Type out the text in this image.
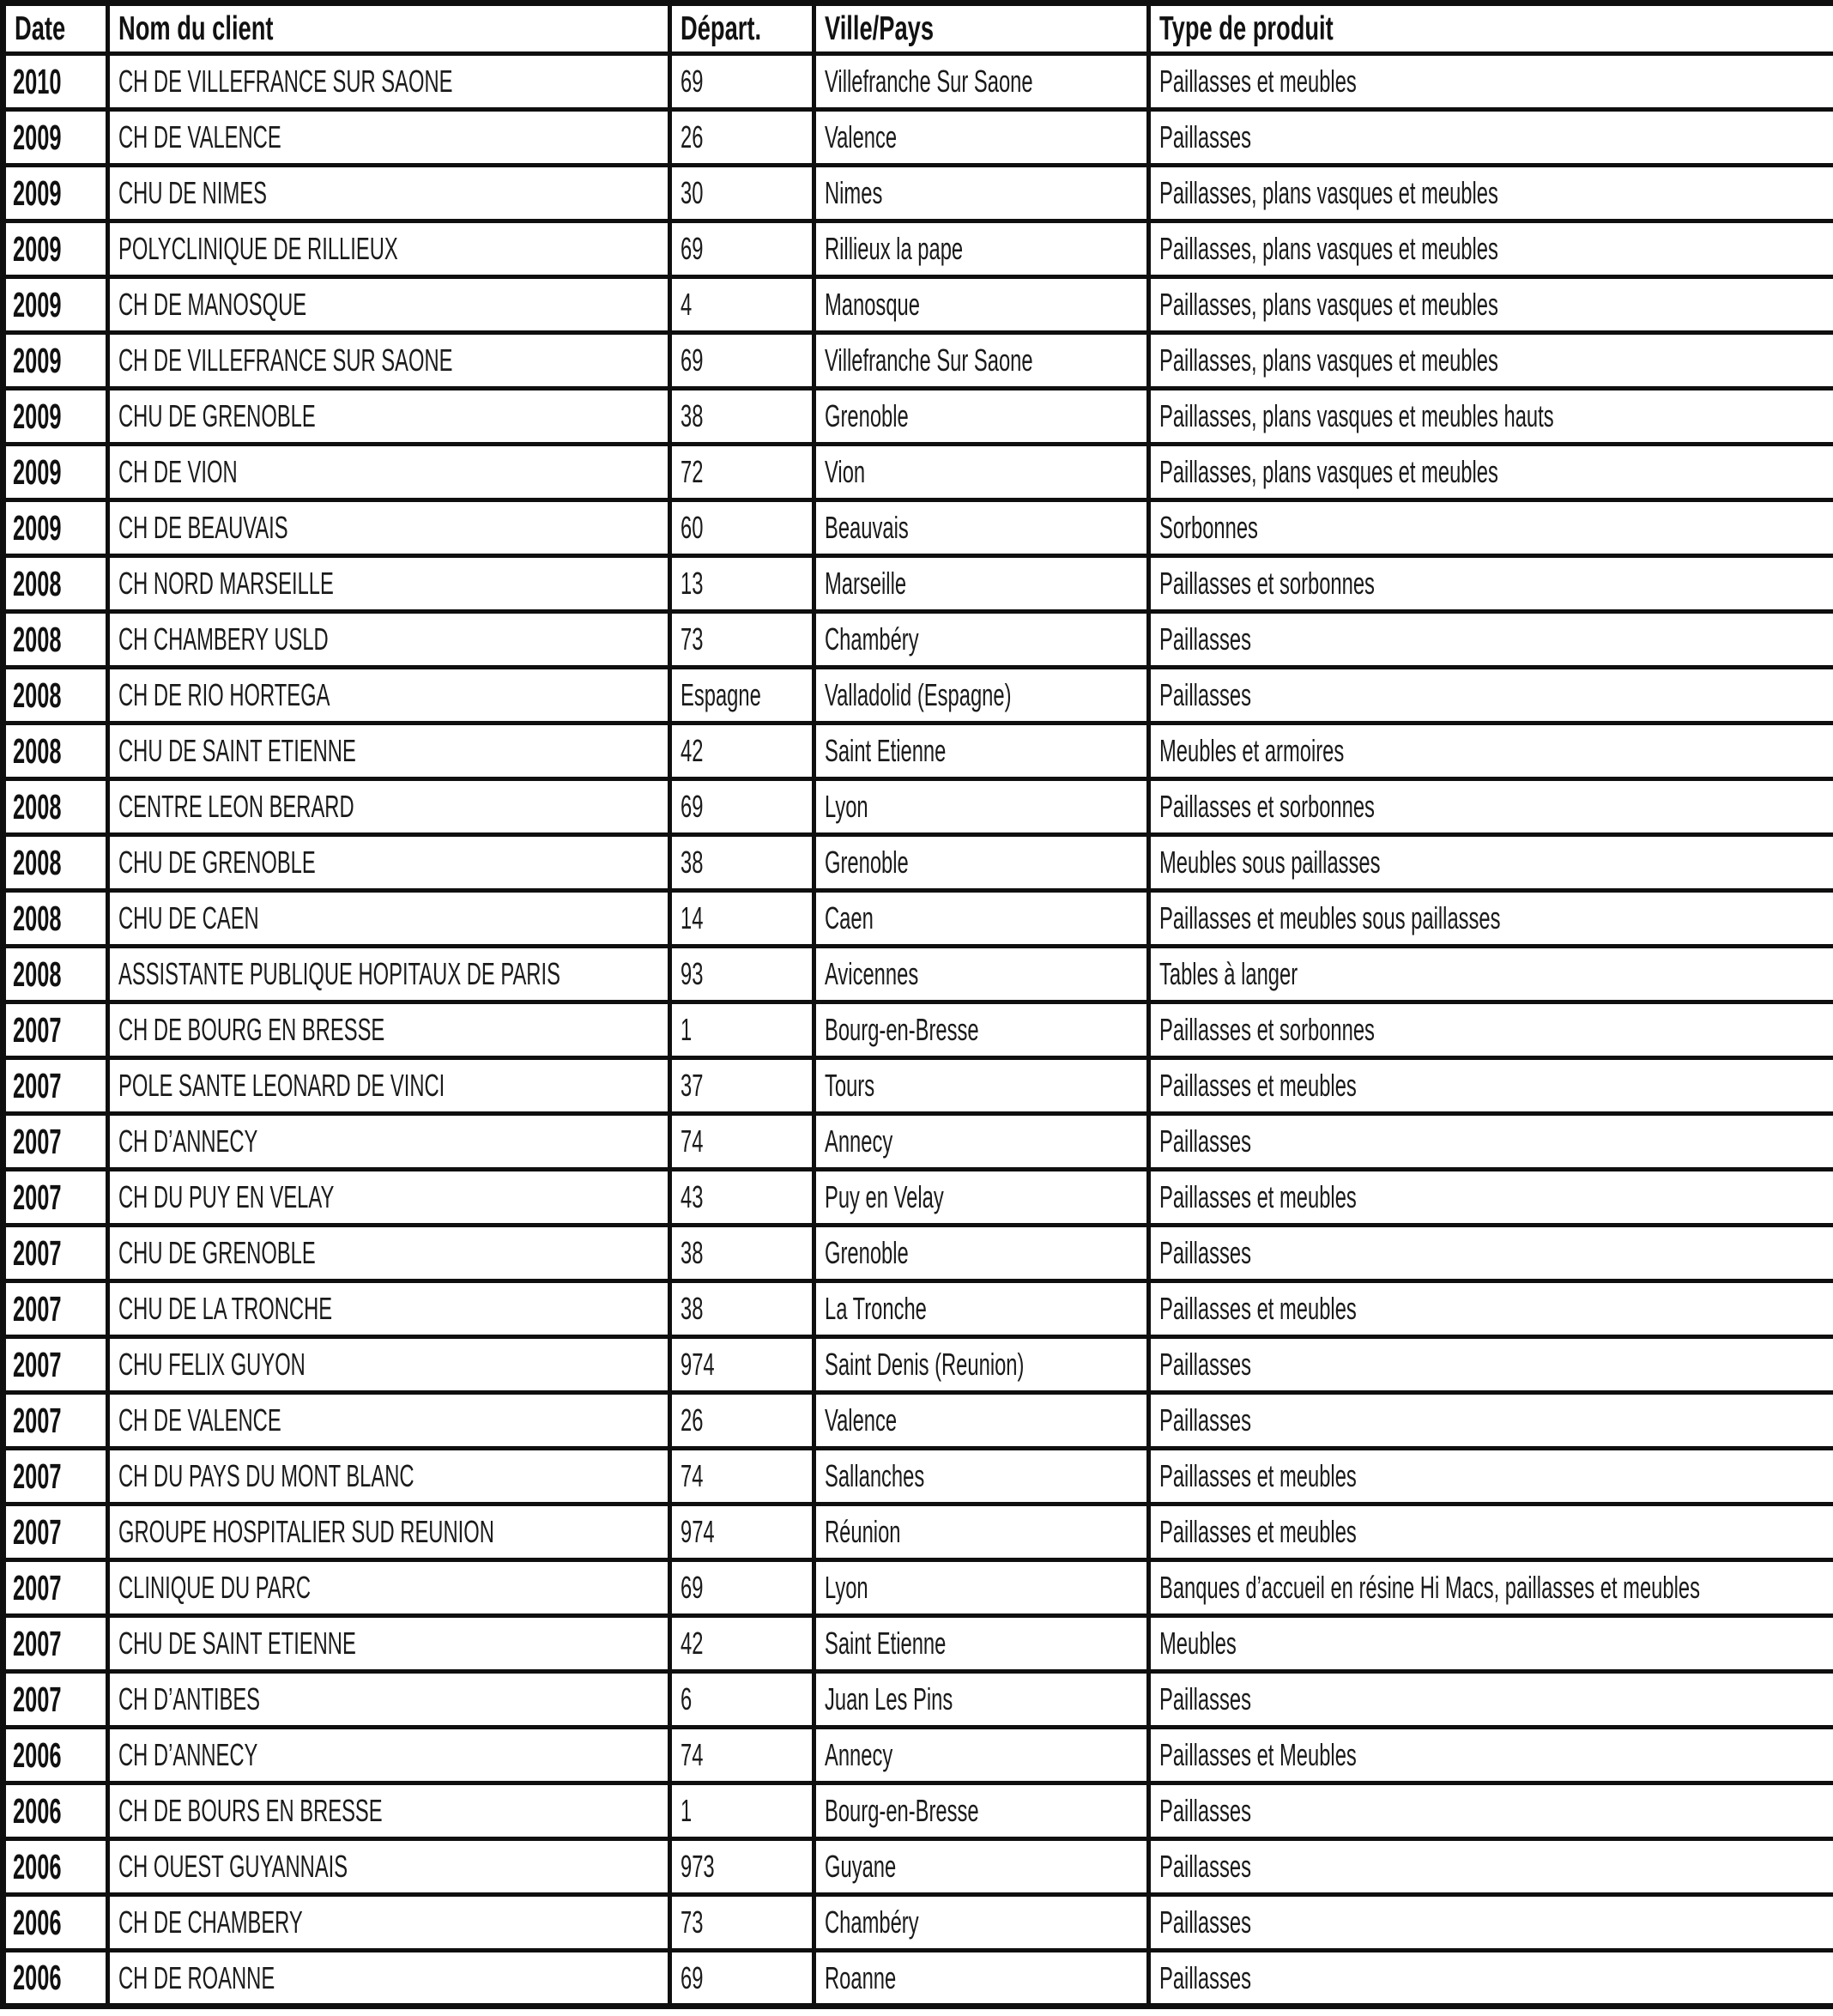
Date	Nom du client	Départ.	Ville/Pays	Type de produit
2010	CH DE VILLEFRANCE SUR SAONE	69	Villefranche Sur Saone	Paillasses et meubles
2009	CH DE VALENCE	26	Valence	Paillasses
2009	CHU DE NIMES	30	Nimes	Paillasses, plans vasques et meubles
2009	POLYCLINIQUE DE RILLIEUX	69	Rillieux la pape	Paillasses, plans vasques et meubles
2009	CH DE MANOSQUE	4	Manosque	Paillasses, plans vasques et meubles
2009	CH DE VILLEFRANCE SUR SAONE	69	Villefranche Sur Saone	Paillasses, plans vasques et meubles
2009	CHU DE GRENOBLE	38	Grenoble	Paillasses, plans vasques et meubles hauts
2009	CH DE VION	72	Vion	Paillasses, plans vasques et meubles
2009	CH DE BEAUVAIS	60	Beauvais	Sorbonnes
2008	CH NORD MARSEILLE	13	Marseille	Paillasses et sorbonnes
2008	CH CHAMBERY USLD	73	Chambéry	Paillasses
2008	CH DE RIO HORTEGA	Espagne	Valladolid (Espagne)	Paillasses
2008	CHU DE SAINT ETIENNE	42	Saint Etienne	Meubles et armoires
2008	CENTRE LEON BERARD	69	Lyon	Paillasses et sorbonnes
2008	CHU DE GRENOBLE	38	Grenoble	Meubles sous paillasses
2008	CHU DE CAEN	14	Caen	Paillasses et meubles sous paillasses
2008	ASSISTANTE PUBLIQUE HOPITAUX DE PARIS	93	Avicennes	Tables à langer
2007	CH DE BOURG EN BRESSE	1	Bourg-en-Bresse	Paillasses et sorbonnes
2007	POLE SANTE LEONARD DE VINCI	37	Tours	Paillasses et meubles
2007	CH D’ANNECY	74	Annecy	Paillasses
2007	CH DU PUY EN VELAY	43	Puy en Velay	Paillasses et meubles
2007	CHU DE GRENOBLE	38	Grenoble	Paillasses
2007	CHU DE LA TRONCHE	38	La Tronche	Paillasses et meubles
2007	CHU FELIX GUYON	974	Saint Denis (Reunion)	Paillasses
2007	CH DE VALENCE	26	Valence	Paillasses
2007	CH DU PAYS DU MONT BLANC	74	Sallanches	Paillasses et meubles
2007	GROUPE HOSPITALIER SUD REUNION	974	Réunion	Paillasses et meubles
2007	CLINIQUE DU PARC	69	Lyon	Banques d’accueil en résine Hi Macs, paillasses et meubles
2007	CHU DE SAINT ETIENNE	42	Saint Etienne	Meubles
2007	CH D’ANTIBES	6	Juan Les Pins	Paillasses
2006	CH D’ANNECY	74	Annecy	Paillasses et Meubles
2006	CH DE BOURS EN BRESSE	1	Bourg-en-Bresse	Paillasses
2006	CH OUEST GUYANNAIS	973	Guyane	Paillasses
2006	CH DE CHAMBERY	73	Chambéry	Paillasses
2006	CH DE ROANNE	69	Roanne	Paillasses
